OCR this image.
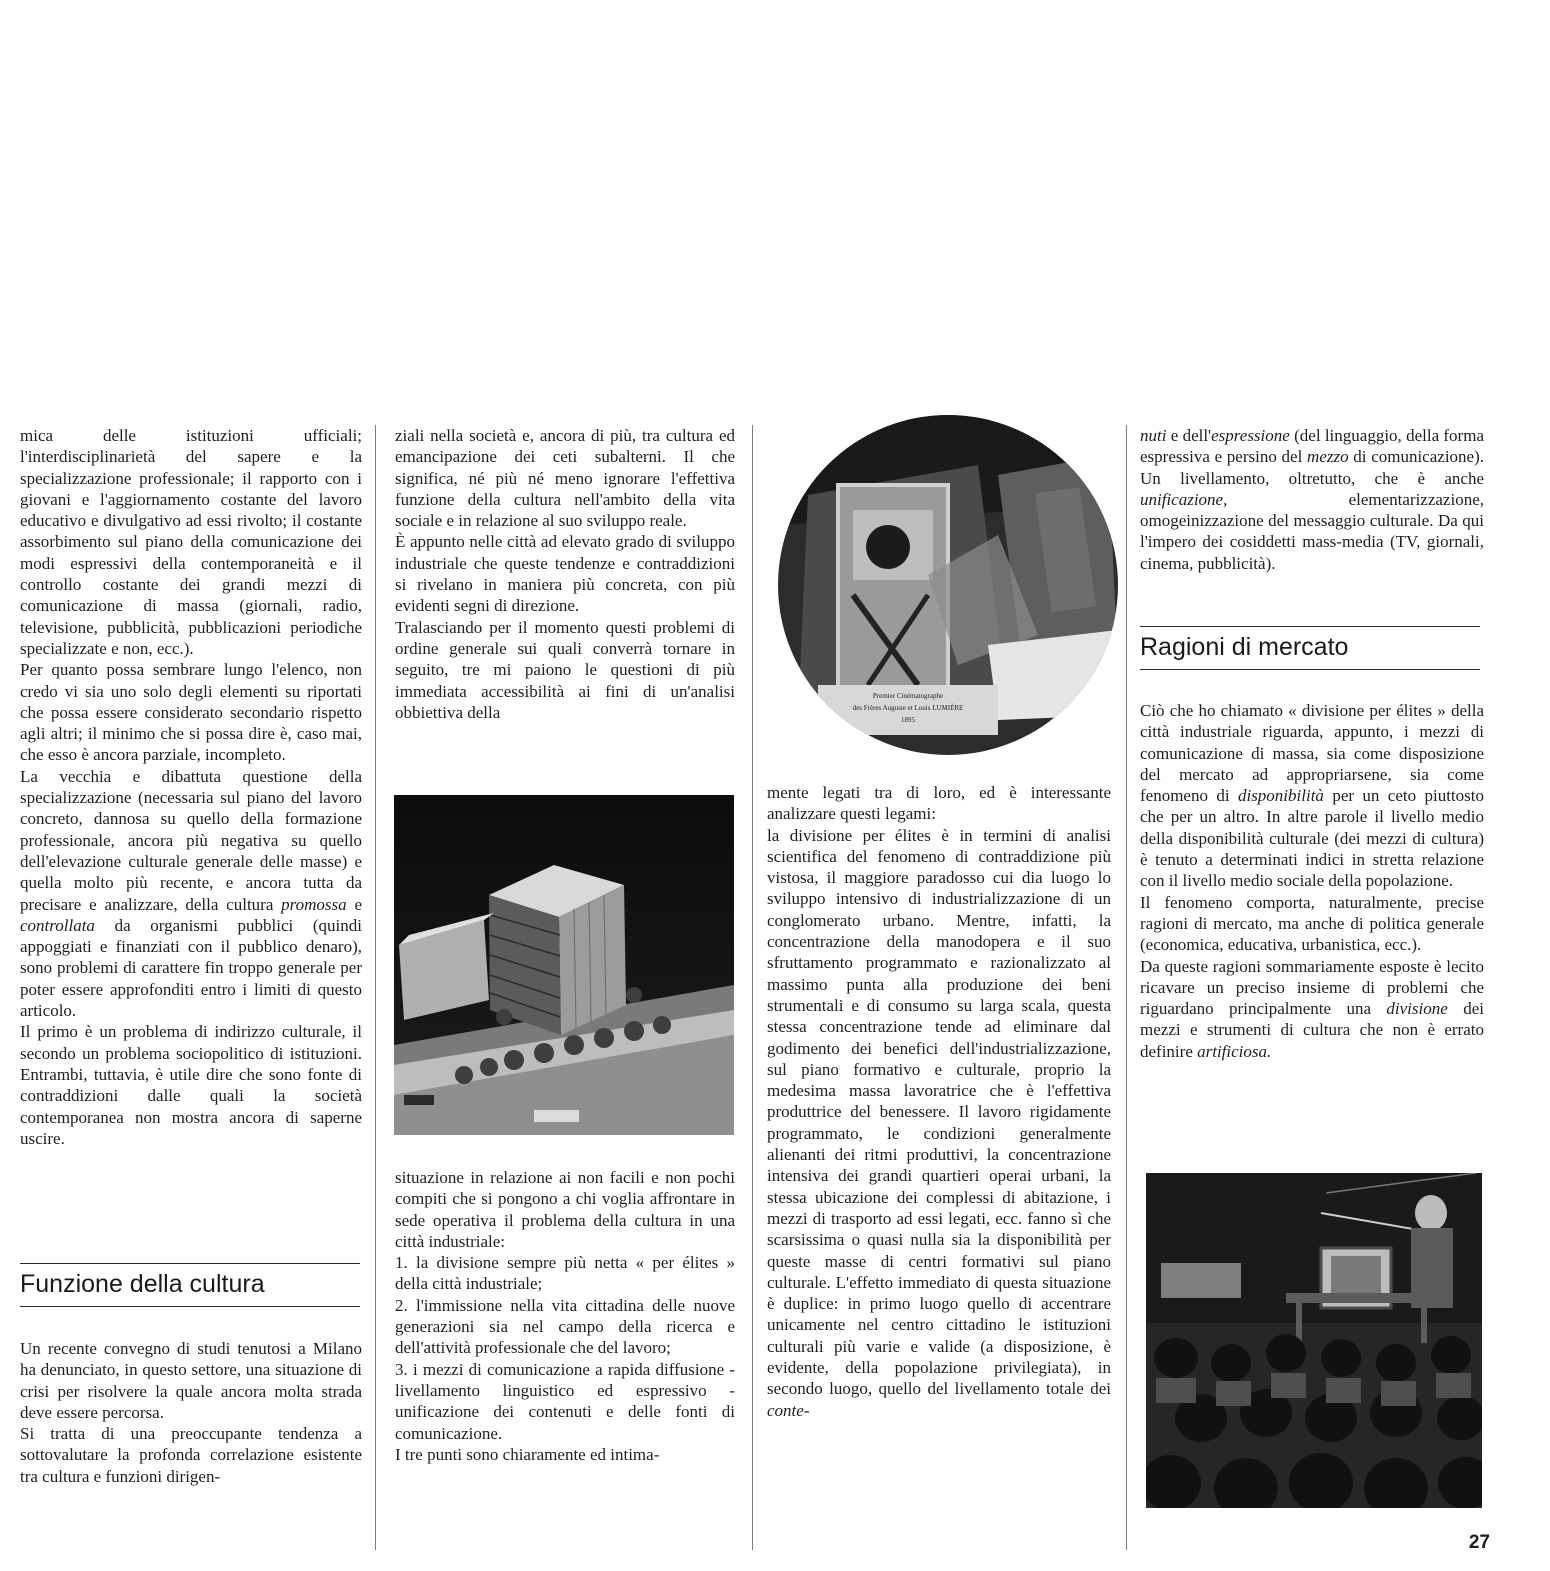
mica delle istituzioni ufficiali; l'interdisciplinarietà del sapere e la specializzazione professionale; il rapporto con i giovani e l'aggiornamento costante del lavoro educativo e divulgativo ad essi rivolto; il costante assorbimento sul piano della comunicazione dei modi espressivi della contemporaneità e il controllo costante dei grandi mezzi di comunicazione di massa (giornali, radio, televisione, pubblicità, pubblicazioni periodiche specializzate e non, ecc.).

Per quanto possa sembrare lungo l'elenco, non credo vi sia uno solo degli elementi su riportati che possa essere considerato secondario rispetto agli altri; il minimo che si possa dire è, caso mai, che esso è ancora parziale, incompleto.

La vecchia e dibattuta questione della specializzazione (necessaria sul piano del lavoro concreto, dannosa su quello della formazione professionale, ancora più negativa su quello dell'elevazione culturale generale delle masse) e quella molto più recente, e ancora tutta da precisare e analizzare, della cultura promossa e controllata da organismi pubblici (quindi appoggiati e finanziati con il pubblico denaro), sono problemi di carattere fin troppo generale per poter essere approfonditi entro i limiti di questo articolo.

Il primo è un problema di indirizzo culturale, il secondo un problema sociopolitico di istituzioni. Entrambi, tuttavia, è utile dire che sono fonte di contraddizioni dalle quali la società contemporanea non mostra ancora di saperne uscire.

Funzione della cultura

Un recente convegno di studi tenutosi a Milano ha denunciato, in questo settore, una situazione di crisi per risolvere la quale ancora molta strada deve essere percorsa.

Si tratta di una preoccupante tendenza a sottovalutare la profonda correlazione esistente tra cultura e funzioni dirigen-

ziali nella società e, ancora di più, tra cultura ed emancipazione dei ceti subalterni. Il che significa, né più né meno ignorare l'effettiva funzione della cultura nell'ambito della vita sociale e in relazione al suo sviluppo reale.

È appunto nelle città ad elevato grado di sviluppo industriale che queste tendenze e contraddizioni si rivelano in maniera più concreta, con più evidenti segni di direzione.

Tralasciando per il momento questi problemi di ordine generale sui quali converrà tornare in seguito, tre mi paiono le questioni di più immediata accessibilità ai fini di un'analisi obbiettiva della

situazione in relazione ai non facili e non pochi compiti che si pongono a chi voglia affrontare in sede operativa il problema della cultura in una città industriale:

1. la divisione sempre più netta « per élites » della città industriale;

2. l'immissione nella vita cittadina delle nuove generazioni sia nel campo della ricerca e dell'attività professionale che del lavoro;

3. i mezzi di comunicazione a rapida diffusione - livellamento linguistico ed espressivo - unificazione dei contenuti e delle fonti di comunicazione.

I tre punti sono chiaramente ed intima-

Premier Cinématographe
des Frères Auguste et Louis LUMIÈRE
1895

mente legati tra di loro, ed è interessante analizzare questi legami:
la divisione per élites è in termini di analisi scientifica del fenomeno di contraddizione più vistosa, il maggiore paradosso cui dia luogo lo sviluppo intensivo di industrializzazione di un conglomerato urbano. Mentre, infatti, la concentrazione della manodopera e il suo sfruttamento programmato e razionalizzato al massimo punta alla produzione dei beni strumentali e di consumo su larga scala, questa stessa concentrazione tende ad eliminare dal godimento dei benefici dell'industrializzazione, sul piano formativo e culturale, proprio la medesima massa lavoratrice che è l'effettiva produttrice del benessere. Il lavoro rigidamente programmato, le condizioni generalmente alienanti dei ritmi produttivi, la concentrazione intensiva dei grandi quartieri operai urbani, la stessa ubicazione dei complessi di abitazione, i mezzi di trasporto ad essi legati, ecc. fanno sì che scarsissima o quasi nulla sia la disponibilità per queste masse di centri formativi sul piano culturale. L'effetto immediato di questa situazione è duplice: in primo luogo quello di accentrare unicamente nel centro cittadino le istituzioni culturali più varie e valide (a disposizione, è evidente, della popolazione privilegiata), in secondo luogo, quello del livellamento totale dei conte-

nuti e dell'espressione (del linguaggio, della forma espressiva e persino del mezzo di comunicazione). Un livellamento, oltretutto, che è anche unificazione, elementarizzazione, omogeinizzazione del messaggio culturale. Da qui l'impero dei cosiddetti mass-media (TV, giornali, cinema, pubblicità).

Ragioni di mercato

Ciò che ho chiamato « divisione per élites » della città industriale riguarda, appunto, i mezzi di comunicazione di massa, sia come disposizione del mercato ad appropriarsene, sia come fenomeno di disponibilità per un ceto piuttosto che per un altro. In altre parole il livello medio della disponibilità culturale (dei mezzi di cultura) è tenuto a determinati indici in stretta relazione con il livello medio sociale della popolazione.

Il fenomeno comporta, naturalmente, precise ragioni di mercato, ma anche di politica generale (economica, educativa, urbanistica, ecc.).

Da queste ragioni sommariamente esposte è lecito ricavare un preciso insieme di problemi che riguardano principalmente una divisione dei mezzi e strumenti di cultura che non è errato definire artificiosa.

27
